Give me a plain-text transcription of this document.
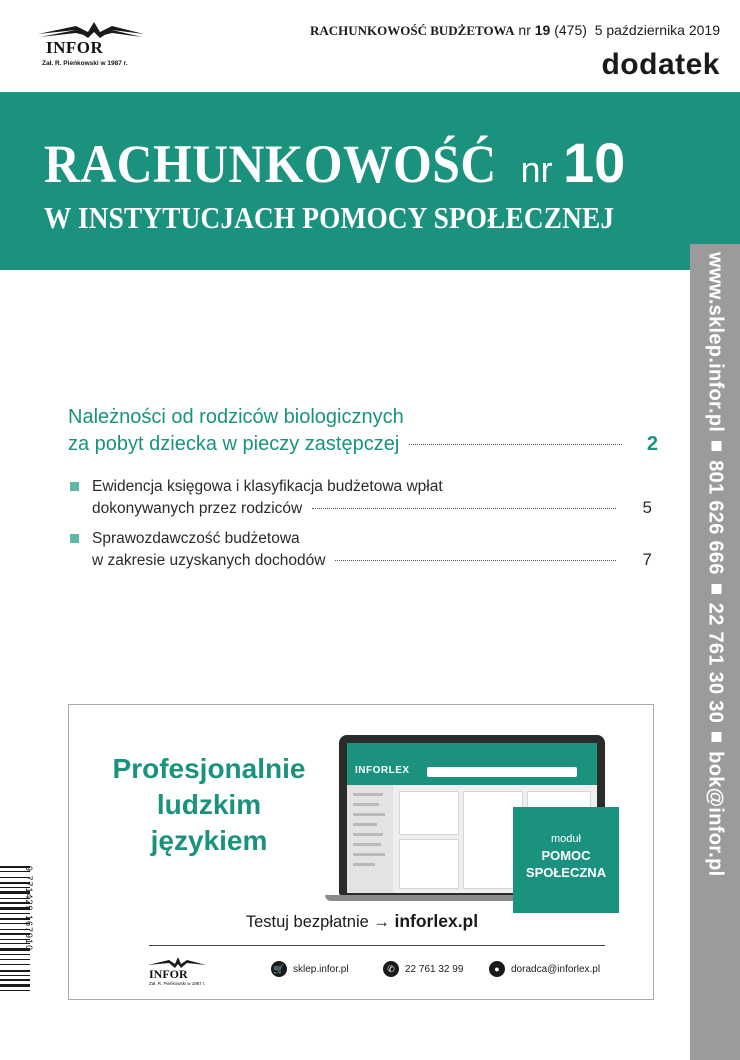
INFOR
Zał. R. Pieńkowski w 1987 r.
RACHUNKOWOŚĆ BUDŻETOWA nr 19 (475) 5 października 2019
dodatek
RACHUNKOWOŚĆ nr 10
W INSTYTUCJACH POMOCY SPOŁECZNEJ
www.sklep.infor.pl801 626 66622 761 30 30bok@infor.pl
Należności od rodziców biologicznych
za pobyt dziecka w pieczy zastępczej	2
Ewidencja księgowa i klasyfikacja budżetowa wpłat
dokonywanych przez rodziców	5
Sprawozdawczość budżetowa
w zakresie uzyskanych dochodów	7
Profesjonalnie
ludzkim
językiem
INFORLEX
moduł
POMOC SPOŁECZNA
Testuj bezpłatnie → inforlex.pl
INFOR
Zał. R. Pieńkowski w 1987 r.
🛒 sklep.infor.pl	✆	22 761 32 99	●	doradca@inforlex.pl
9 771429 167910
